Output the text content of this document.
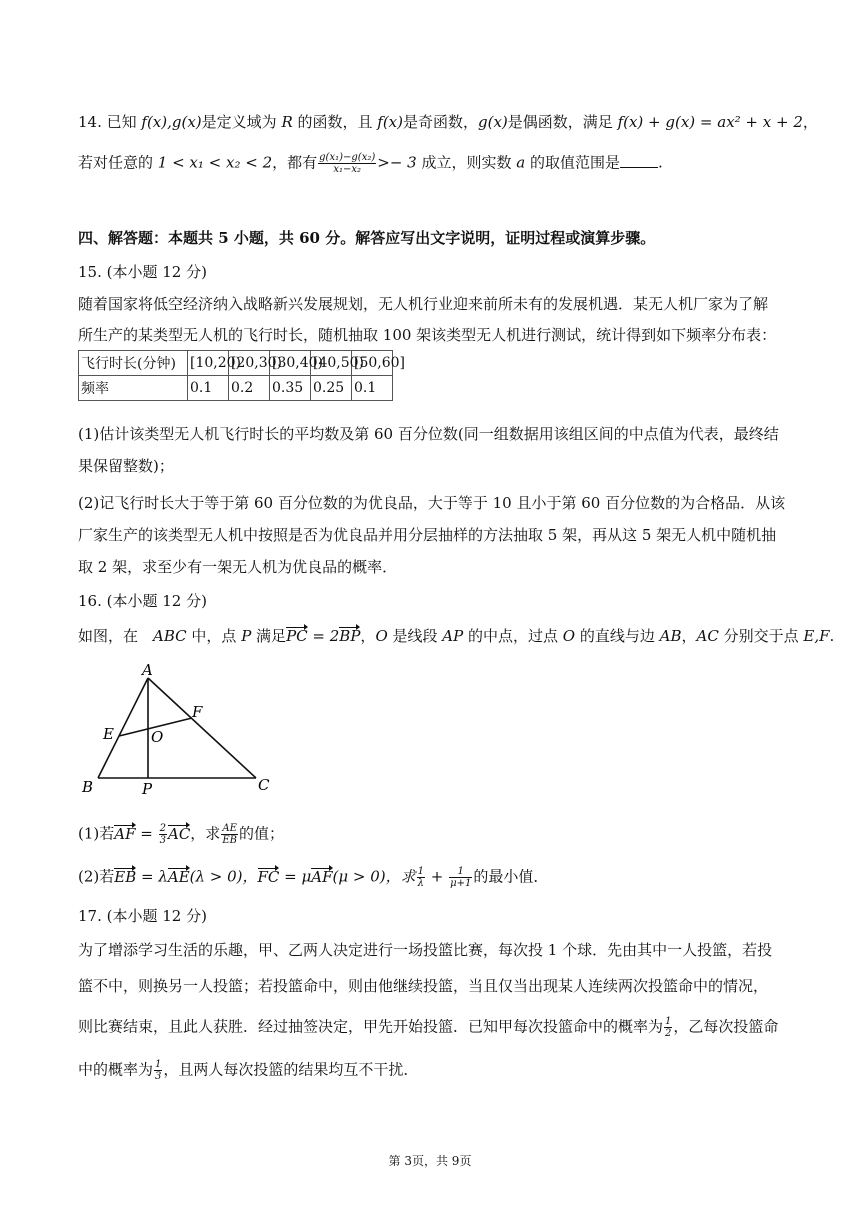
14. 已知 f(x),g(x)是定义域为 R 的函数，且 f(x)是奇函数，g(x)是偶函数，满足 f(x) + g(x) = ax² + x + 2，
若对任意的 1 < x₁ < x₂ < 2，都有 $\frac{\text{g(x₁)−g(x₂)}}{\text{x₁−x₂}} >- 3$ 成立，则实数 a 的取值范围是	.
四、解答题：本题共 5 小题，共 60 分。解答应写出文字说明，证明过程或演算步骤。
15. (本小题 12 分)
随着国家将低空经济纳入战略新兴发展规划，无人机行业迎来前所未有的发展机遇．某无人机厂家为了解
所生产的某类型无人机的飞行时长，随机抽取 100 架该类型无人机进行测试，统计得到如下频率分布表：
飞行时长(分钟)	[10,20)	[20,30)	[30,40)	[40,50)	[50,60]
频率	0.1	0.2	0.35	0.25	0.1
(1)估计该类型无人机飞行时长的平均数及第 60 百分位数(同一组数据用该组区间的中点值为代表，最终结
果保留整数)；
(2)记飞行时长大于等于第 60 百分位数的为优良品，大于等于 10 且小于第 60 百分位数的为合格品．从该
厂家生产的该类型无人机中按照是否为优良品并用分层抽样的方法抽取 5 架，再从这 5 架无人机中随机抽
取 2 架，求至少有一架无人机为优良品的概率．
16. (本小题 12 分)
如图，在　ABC 中，点 P 满足PC = 2BP，O 是线段 AP 的中点，过点 O 的直线与边 AB，AC 分别交于点 E,F.
A
B	C
E
F
O
P
(1)若AF = $\frac{2}{3}$ AC，求 $\frac{AE}{EB}$ 的值；
(2)若EB = λAE(λ > 0)，FC = μAF(μ > 0)，求 $\frac{1}{\lambda} + \frac{1}{\mu+1}$ 的最小值．
17. (本小题 12 分)
为了增添学习生活的乐趣，甲、乙两人决定进行一场投篮比赛，每次投 1 个球．先由其中一人投篮，若投
篮不中，则换另一人投篮；若投篮命中，则由他继续投篮，当且仅当出现某人连续两次投篮命中的情况，
则比赛结束，且此人获胜．经过抽签决定，甲先开始投篮．已知甲每次投篮命中的概率为 $\frac{1}{2}$ ，乙每次投篮命
中的概率为 $\frac{1}{3}$ ，且两人每次投篮的结果均互不干扰．
第 3页，共 9页
